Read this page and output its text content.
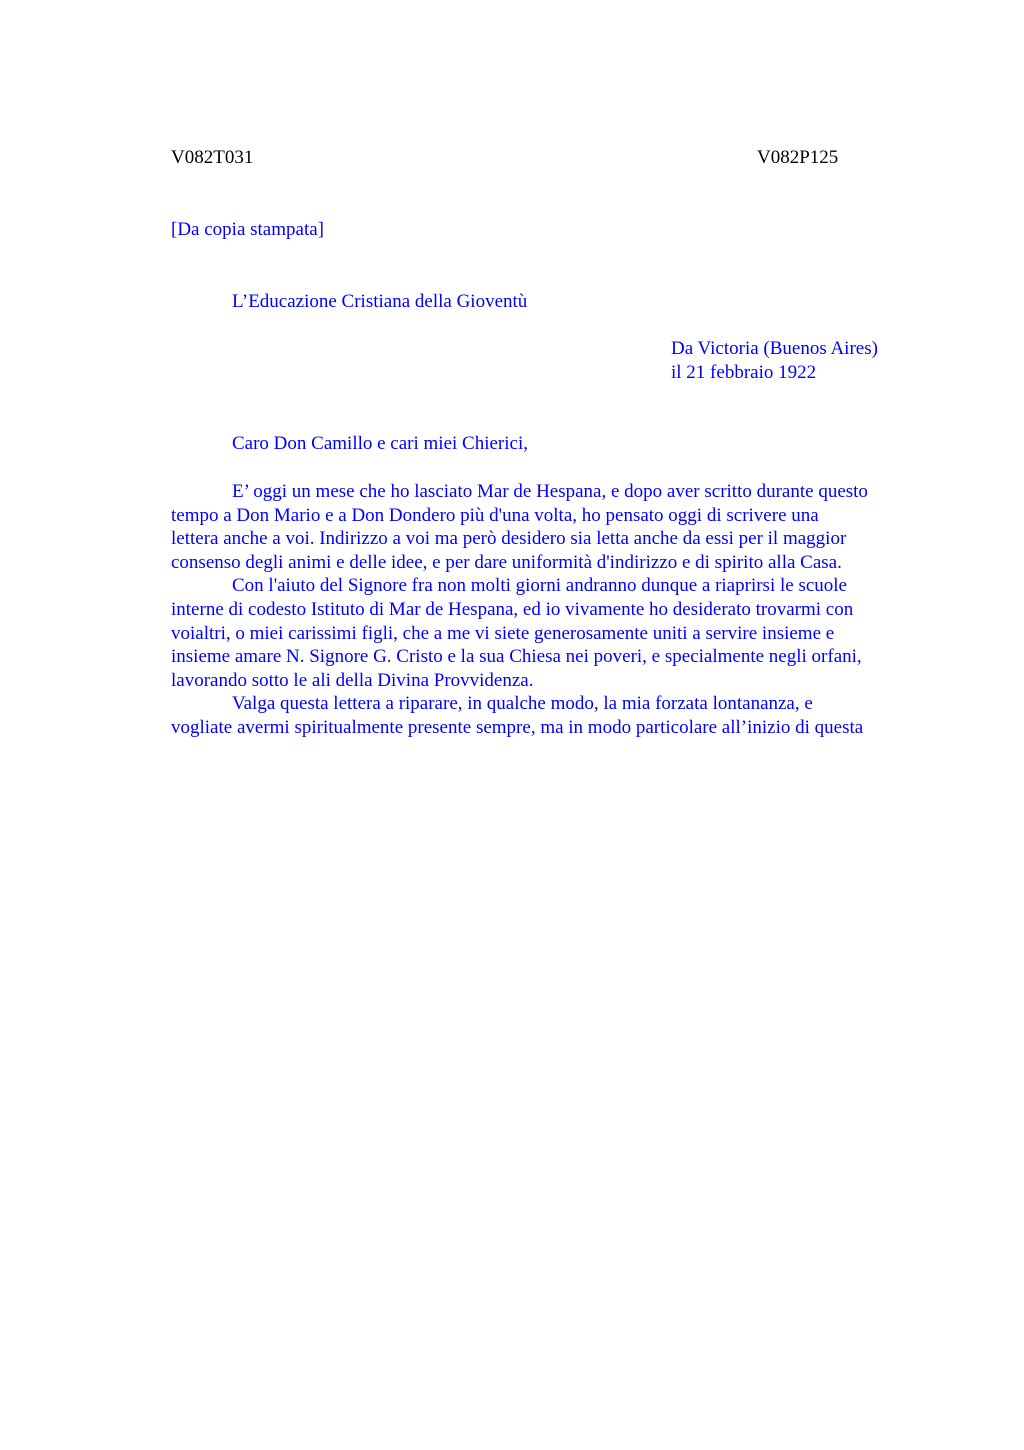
V082T031	V082P125
[Da copia stampata]
L’Educazione Cristiana della Gioventù
Da Victoria (Buenos Aires)
il 21 febbraio 1922
Caro Don Camillo e cari miei Chierici,
E’ oggi un mese che ho lasciato Mar de Hespana, e dopo aver scritto durante questo
tempo a Don Mario e a Don Dondero più d'una volta, ho pensato oggi di scrivere una
lettera anche a voi. Indirizzo a voi ma però desidero sia letta anche da essi per il maggior
consenso degli animi e delle idee, e per dare uniformità d'indirizzo e di spirito alla Casa.
Con l'aiuto del Signore fra non molti giorni andranno dunque a riaprirsi le scuole
interne di codesto Istituto di Mar de Hespana, ed io vivamente ho desiderato trovarmi con
voialtri, o miei carissimi figli, che a me vi siete generosamente uniti a servire insieme e
insieme amare N. Signore G. Cristo e la sua Chiesa nei poveri, e specialmente negli orfani,
lavorando sotto le ali della Divina Provvidenza.
Valga questa lettera a riparare, in qualche modo, la mia forzata lontananza, e
vogliate avermi spiritualmente presente sempre, ma in modo particolare all’inizio di questa
